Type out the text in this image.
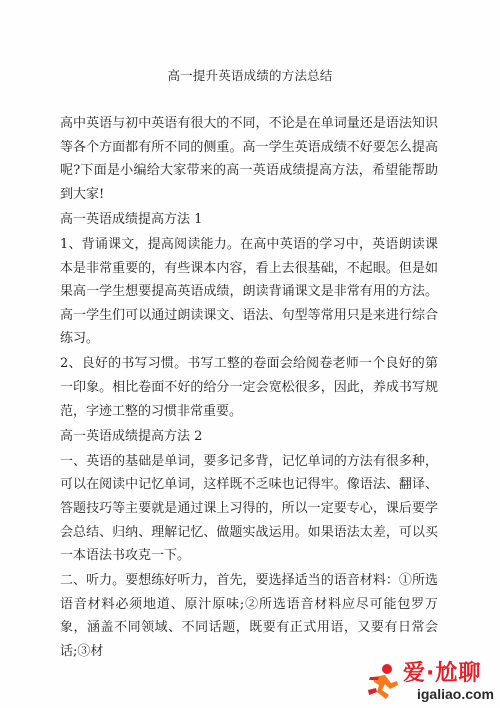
高一提升英语成绩的方法总结

高中英语与初中英语有很大的不同，不论是在单词量还是语法知识等各个方面都有所不同的侧重。高一学生英语成绩不好要怎么提高呢?下面是小编给大家带来的高一英语成绩提高方法，希望能帮助到大家!

高一英语成绩提高方法 1

1、背诵课文，提高阅读能力。在高中英语的学习中，英语朗读课本是非常重要的，有些课本内容，看上去很基础，不起眼。但是如果高一学生想要提高英语成绩，朗读背诵课文是非常有用的方法。高一学生们可以通过朗读课文、语法、句型等常用只是来进行综合练习。

2、良好的书写习惯。书写工整的卷面会给阅卷老师一个良好的第一印象。相比卷面不好的给分一定会宽松很多，因此，养成书写规范，字迹工整的习惯非常重要。

高一英语成绩提高方法 2

一、英语的基础是单词，要多记多背，记忆单词的方法有很多种，可以在阅读中记忆单词，这样既不乏味也记得牢。像语法、翻译、答题技巧等主要就是通过课上习得的，所以一定要专心，课后要学会总结、归纳、理解记忆、做题实战运用。如果语法太差，可以买一本语法书攻克一下。

二、听力。要想练好听力，首先，要选择适当的语音材料：①所选语音材料必须地道、原汁原味;②所选语音材料应尽可能包罗万象，涵盖不同领域、不同话题，既要有正式用语，又要有日常会话;③材

爱·尬聊
igaliao.com
